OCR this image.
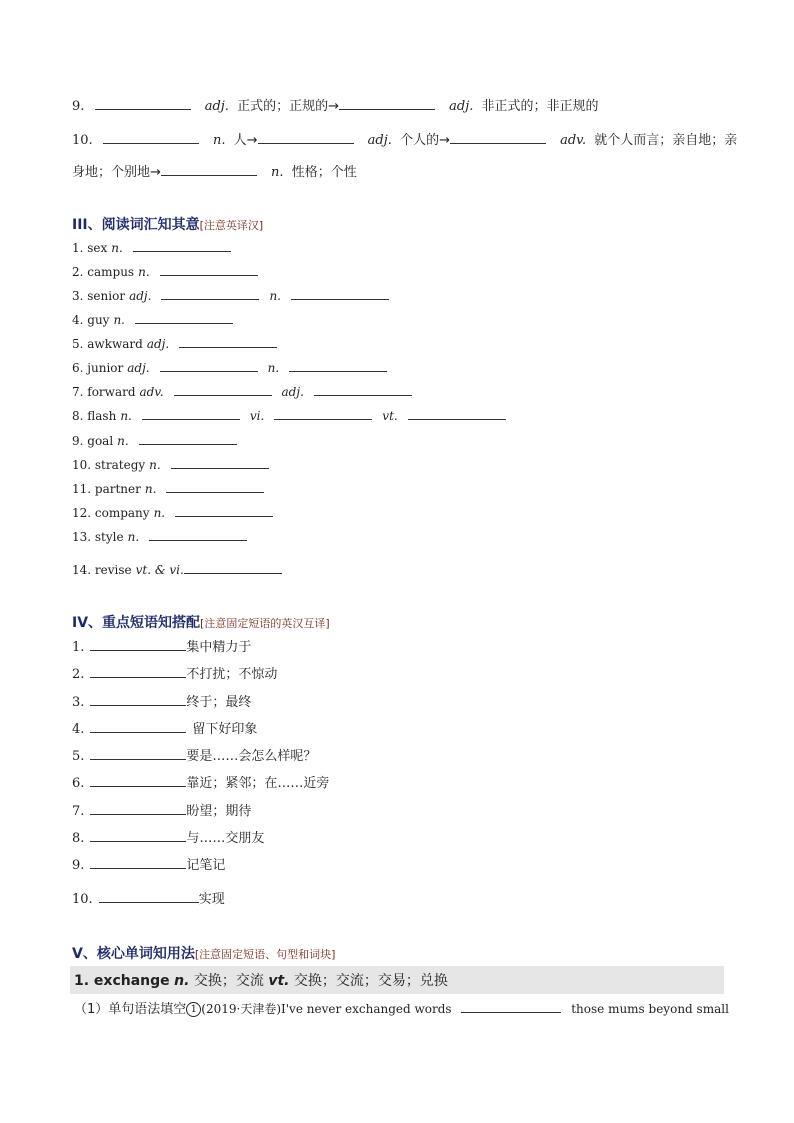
9.	adj. 正式的；正规的→	adj. 非正式的；非正规的
10.	n. 人→	adj. 个人的→	adv. 就个人而言；亲自地；亲
身地；个别地→	n. 性格；个性
III、阅读词汇知其意[注意英译汉]
1. sex n.
2. campus n.
3. senior adj.	n.
4. guy n.
5. awkward adj.
6. junior adj.	n.
7. forward adv.	adj.
8. flash n.	vi.	vt.
9. goal n.
10. strategy n.
11. partner n.
12. company n.
13. style n.
14. revise vt. & vi.
IV、重点短语知搭配[注意固定短语的英汉互译]
1.	集中精力于
2.	不打扰；不惊动
3.	终于；最终
4.	留下好印象
5.	要是……会怎么样呢？
6.	靠近；紧邻；在……近旁
7.	盼望；期待
8.	与……交朋友
9.	记笔记
10.	实现
V、核心单词知用法[注意固定短语、句型和词块]
1. exchange n. 交换；交流 vt. 交换；交流；交易；兑换
（1）单句语法填空 1 (2019·天津卷)I've never exchanged words	those mums beyond small
